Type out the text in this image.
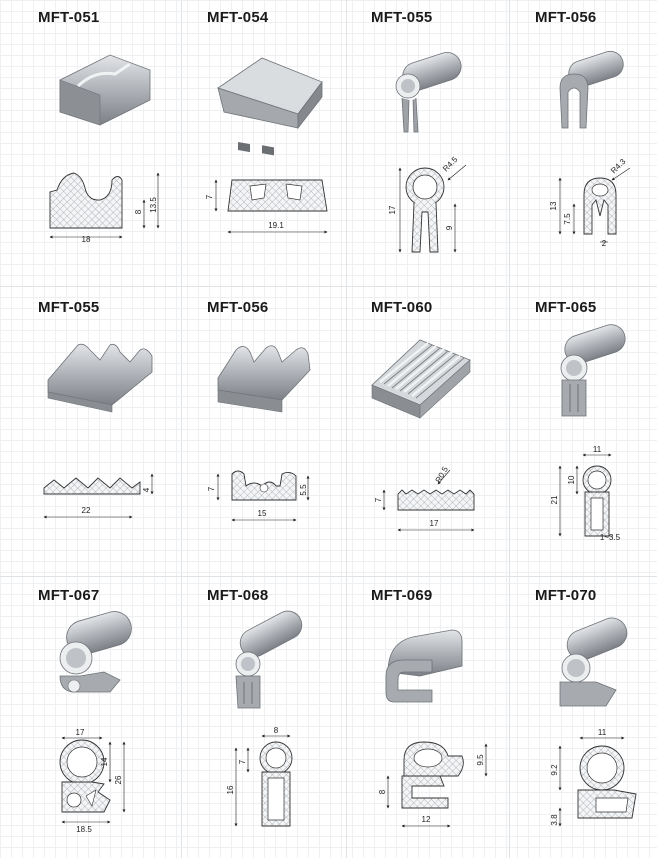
13.5
8
18
7
19.1
R4.5
17
9
R4.3
13
7.5
2
4
22
7	5.5
15
R0.5
7
17
11
10
21
1~3.5
17
14
26
18.5
8
7
16
9.5
8
12
11
9.2
3.8
MFT-051	MFT-054	MFT-055	MFT-056
MFT-055	MFT-056	MFT-060	MFT-065
MFT-067	MFT-068	MFT-069	MFT-070
